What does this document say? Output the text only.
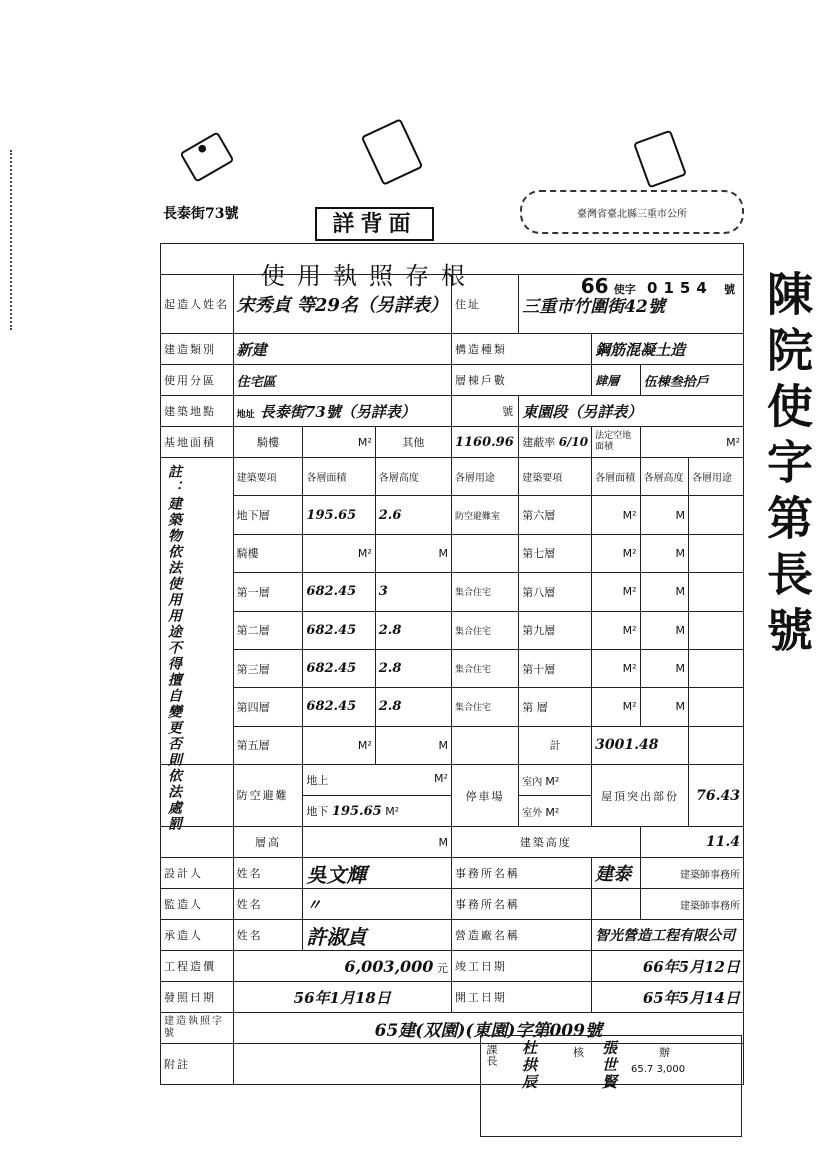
陳院使字第長號
●
臺灣省臺北縣三重市公所
長泰街73號	詳背面
使用執照存根 66 使字 0154 號								

起造人姓名	宋秀貞 等29名（另詳表）			住址	三重市竹圍街42號			
建造類別	新建			構造種類		鋼筋混凝土造		
使用分區	住宅區			層棟戶數		肆層	伍棟叁拾戶	
建築地點	地址 長泰街73號（另詳表）			號	東園段（另詳表）			
基地面積	騎樓	M²	其他	1160.96	建蔽率 6/10	法定空地面積	M²	

註：建築物依法使用用途不得擅自變更否則依法處罰	建築要項	各層面積	各層高度	各層用途	建築要項	各層面積	各層高度	各層用途
	地下層	195.65	2.6	防空避難室	第六層	M²	M	
	騎樓	M²	M		第七層	M²	M	
	第一層	682.45	3	集合住宅	第八層	M²	M	
	第二層	682.45	2.8	集合住宅	第九層	M²	M	
	第三層	682.45	2.8	集合住宅	第十層	M²	M	
	第四層	682.45	2.8	集合住宅	第 層	M²	M	
	第五層	M²	M		計	3001.48		
	防空避難	地上 M²		停車場	室內 M²	屋頂突出部份		76.43
		地下 195.65 M²			室外 M²			
	層高	M		建築高度			11.4	
設計人	姓名	吳文輝		事務所名稱		建泰	建築師事務所	
監造人	姓名	〃		事務所名稱			建築師事務所	
承造人	姓名	許淑貞		營造廠名稱		智光營造工程有限公司		
工程造價	6,003,000 元			竣工日期		66年5月12日		
發照日期	56年1月18日			開工日期		65年5月14日		
建造執照字號	65建(双園)(東園)字第009號							
附註									課長 杜拱辰	核 張世賢	辦
65.7 3,000
